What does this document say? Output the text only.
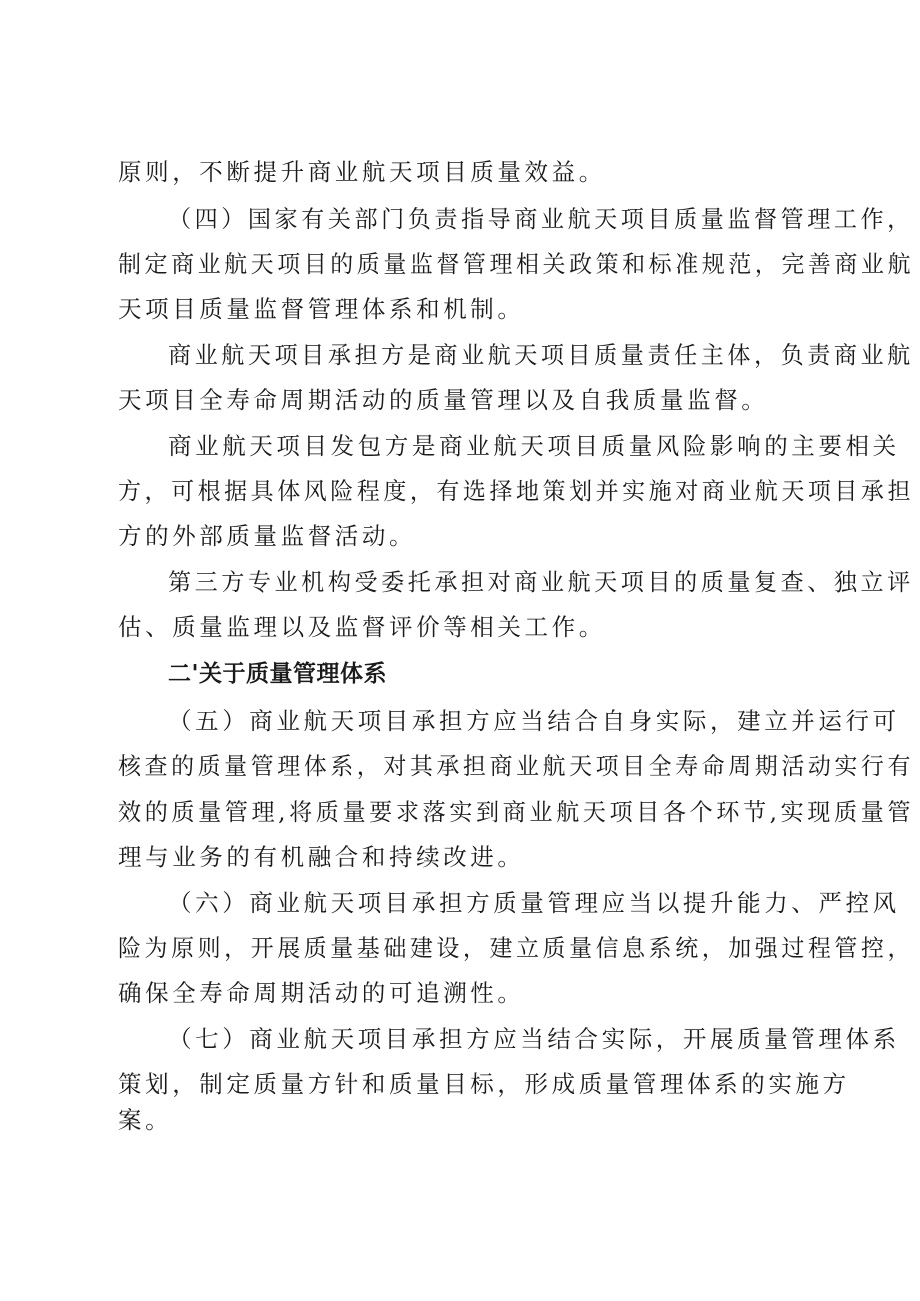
原则，不断提升商业航天项目质量效益。
（四）国家有关部门负责指导商业航天项目质量监督管理工作，
制定商业航天项目的质量监督管理相关政策和标准规范，完善商业航
天项目质量监督管理体系和机制。
商业航天项目承担方是商业航天项目质量责任主体，负责商业航
天项目全寿命周期活动的质量管理以及自我质量监督。
商业航天项目发包方是商业航天项目质量风险影响的主要相关
方，可根据具体风险程度，有选择地策划并实施对商业航天项目承担
方的外部质量监督活动。
第三方专业机构受委托承担对商业航天项目的质量复查、独立评
估、质量监理以及监督评价等相关工作。
二'关于质量管理体系
（五）商业航天项目承担方应当结合自身实际，建立并运行可
核查的质量管理体系，对其承担商业航天项目全寿命周期活动实行有
效的质量管理,将质量要求落实到商业航天项目各个环节,实现质量管
理与业务的有机融合和持续改进。
（六）商业航天项目承担方质量管理应当以提升能力、严控风
险为原则，开展质量基础建设，建立质量信息系统，加强过程管控，
确保全寿命周期活动的可追溯性。
（七）商业航天项目承担方应当结合实际，开展质量管理体系
策划，制定质量方针和质量目标，形成质量管理体系的实施方
案。
